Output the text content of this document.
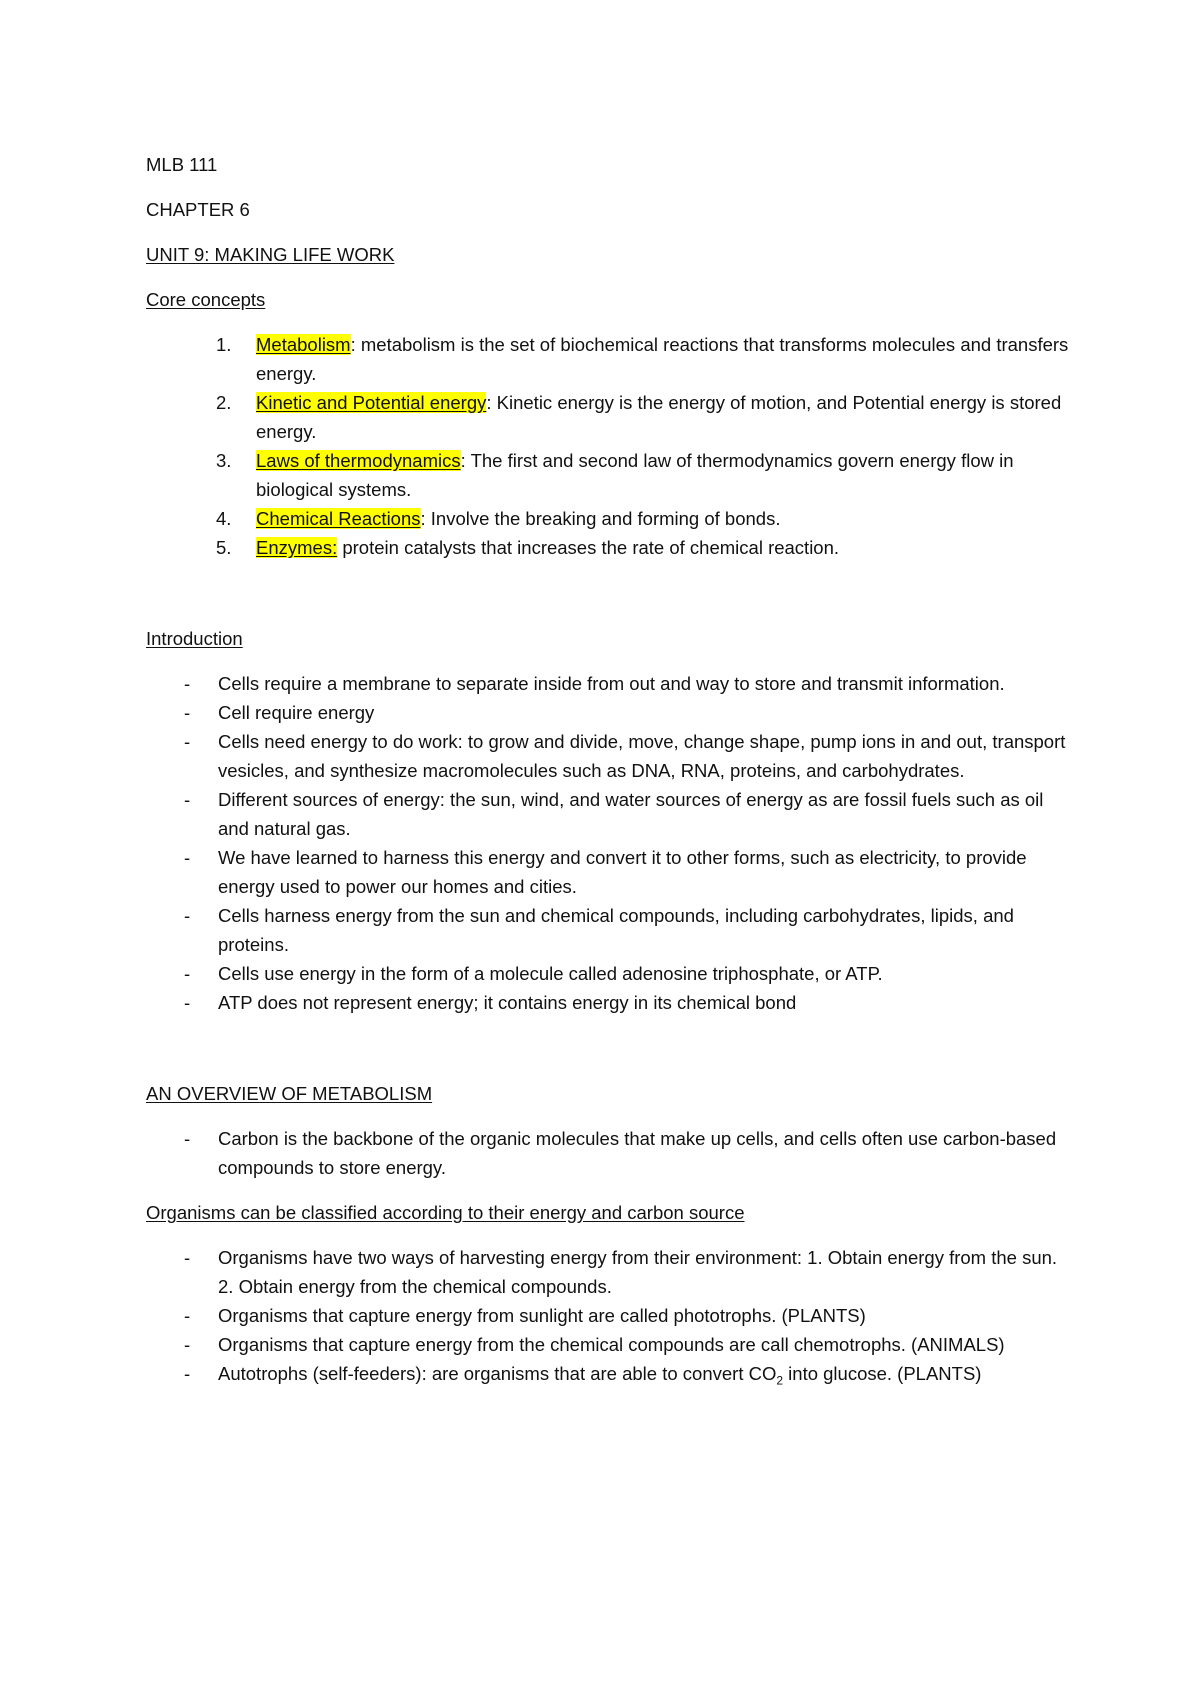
MLB 111

CHAPTER 6

UNIT 9: MAKING LIFE WORK

Core concepts

1. Metabolism: metabolism is the set of biochemical reactions that transforms molecules and transfers energy.
2. Kinetic and Potential energy: Kinetic energy is the energy of motion, and Potential energy is stored energy.
3. Laws of thermodynamics: The first and second law of thermodynamics govern energy flow in biological systems.
4. Chemical Reactions: Involve the breaking and forming of bonds.
5. Enzymes: protein catalysts that increases the rate of chemical reaction.

Introduction

- Cells require a membrane to separate inside from out and way to store and transmit information.
- Cell require energy
- Cells need energy to do work: to grow and divide, move, change shape, pump ions in and out, transport vesicles, and synthesize macromolecules such as DNA, RNA, proteins, and carbohydrates.
- Different sources of energy: the sun, wind, and water sources of energy as are fossil fuels such as oil and natural gas.
- We have learned to harness this energy and convert it to other forms, such as electricity, to provide energy used to power our homes and cities.
- Cells harness energy from the sun and chemical compounds, including carbohydrates, lipids, and proteins.
- Cells use energy in the form of a molecule called adenosine triphosphate, or ATP.
- ATP does not represent energy; it contains energy in its chemical bond

AN OVERVIEW OF METABOLISM

- Carbon is the backbone of the organic molecules that make up cells, and cells often use carbon-based compounds to store energy.

Organisms can be classified according to their energy and carbon source

- Organisms have two ways of harvesting energy from their environment: 1. Obtain energy from the sun. 2. Obtain energy from the chemical compounds.
- Organisms that capture energy from sunlight are called phototrophs. (PLANTS)
- Organisms that capture energy from the chemical compounds are call chemotrophs. (ANIMALS)
- Autotrophs (self-feeders): are organisms that are able to convert $CO_2$ into glucose. (PLANTS)
